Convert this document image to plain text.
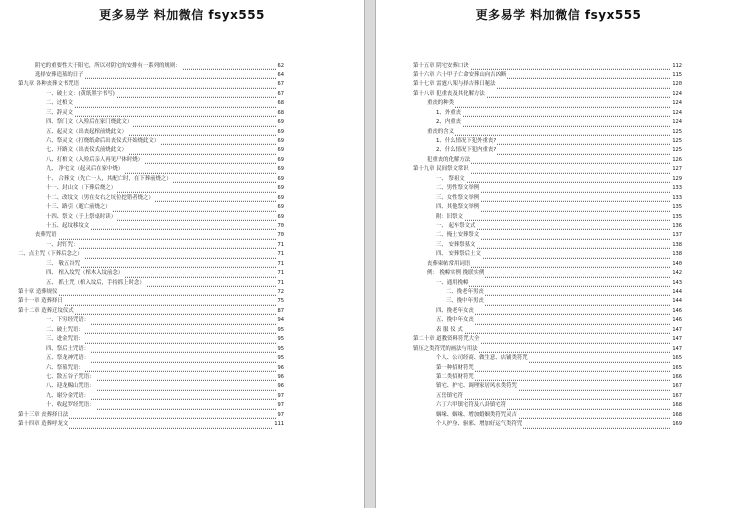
更多易学 料加微信 fsyx555
阴宅的重要性大于阳宅，所以对阴宅的安排有一系列的规则：	62
选择安葬造墓的日子	64
第九章 各种丧葬文书咒语	67
一、破土文：(黄纸黑字书写)	67
二、过棺文	68
三、辞灵文	68
四、祭门文（入殓后在家门烧此文）	69
五、起灵文（出丧起棺前烧此文）	69
六、祭灵文（打烧纸命后出丧仪式开始烧此文）	69
七、开路文（出丧仪式前烧此文）	69
八、打棺文（入殓后亲人再见尸体时烧）	69
九、 净宅文（起灵后在家中烧）	69
十、 合葬文（先亡一人，其配亡时，在下葬前烧之）	69
十一、封山文（下葬后烧之）	69
十二、改坟文（男在女右之坑位挖错者烧之）	69
十三、路引（逝亡前烧之）	69
十四、祭文（于上祭桌时读）	69
十五、起坟移坟文	70
丧葬咒语	70
一、封钉咒：	71
二、点主咒（下葬后念之）	71
三、 敬五谷咒	71
四、 棺入坟咒（棺木入坟前念）	71
五、 抓土咒（棺入坟后，手持抓上时念）	71
第十章 造葬规仪	72
第十一章 造葬择日	75
第十二章 造葬迁坟仪式	87
一、下穷经咒语：	94
二、破土咒语：	95
三、进金咒语：	95
四、祭后土咒语：	95
五、祭龙神咒语：	95
六、祭墓咒语：	96
七、散五谷子咒语：	96
八、迎龙赐山咒语：	96
九、谢分金咒语：	97
十、收起罗经咒语：	97
第十三章 丧葬择日法	97
第十四章 造葬呼龙文	111
更多易学 料加微信 fsyx555
第十五章 阴宅安葬口诀	112
第十六章 六十甲子亡命安葬山向吉凶断	115
第十七章 雷霆八架与择吉葬日秘法	120
第十八章 犯重丧及其化解方法	124
重丧的种类	124
1、外重丧	124
2、内重丧	124
重丧的含义	125
1、什么情况下犯外重丧?	125
2、什么情况下犯内重丧?	125
犯重丧的化解方法	126
第十九章 民间祭文常识	127
一、 祭祖文	129
二、男性祭文举例	133
三、女性祭文举例	133
四、其他祭文举例	135
附：旧祭文	135
一、 起车祭文式	136
二、掩土安葬祭文	137
三、 安葬祭墓文	138
四、 安葬祭后土文	138
丧葬柬帖常用词语	140
例： 挽幛实例 挽联实例	142
一、通用挽幛	143
二、挽老年男丧	144
三、挽中年男丧	144
四、挽老年女丧	146
五、挽中年女丧	146
表 服 仪 式	147
第二十章 道教资料符咒大全	147
镇压之类符咒的画法与用法	147
个人、公司经商、做生意、店铺类符咒	165
第一种招财符咒	165
第二类招财符咒	166
镇宅、护宅、调理家居风水类符咒	167
五岳镇宅符	167
六丁六甲镇宅符及八卦镇宅符	168
姻缘、姻缘、增加婚姻类符咒灵吉	168
个人护身、驱邪、增加好运气类符咒	169
